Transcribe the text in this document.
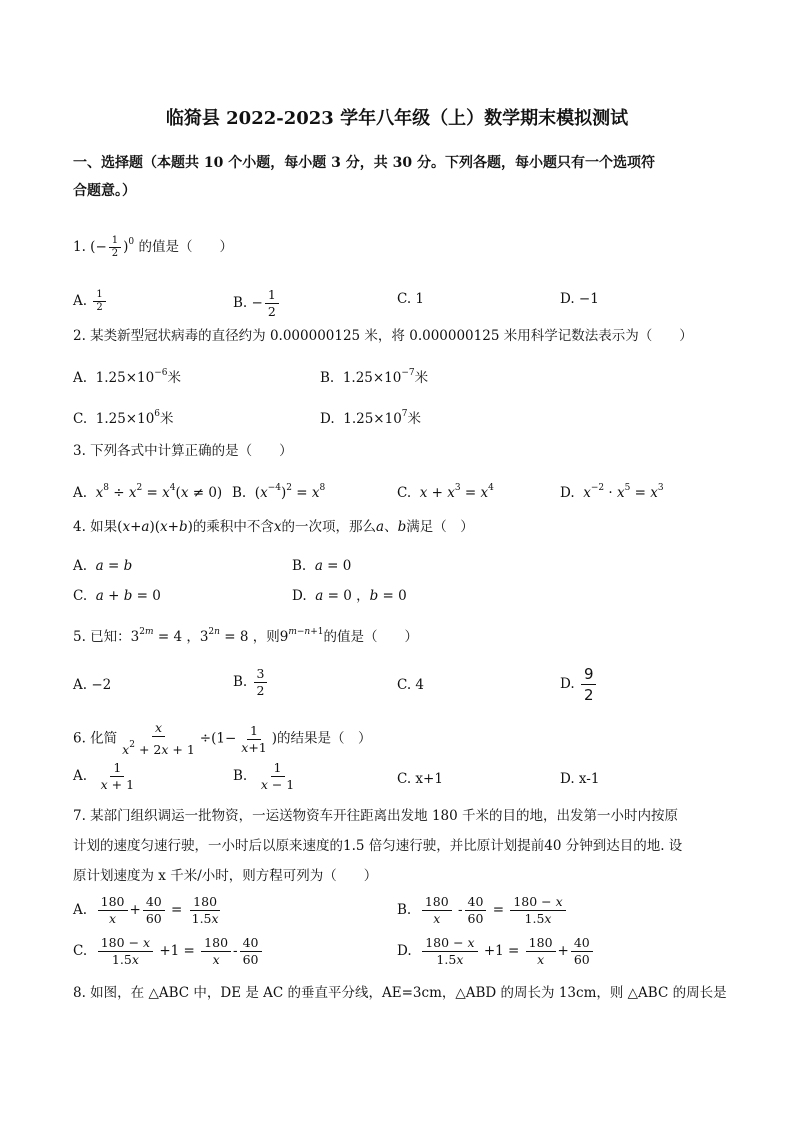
临猗县 2022-2023 学年八年级（上）数学期末模拟测试
一、选择题（本题共 10 个小题，每小题 3 分，共 30 分。下列各题，每小题只有一个选项符
合题意。）
1. (− $\frac{1}{2} )^0$ 的值是（　　）
A. $\frac{1}{2}$	B. − $\frac{1}{2}$	C. 1	D. −1
2. 某类新型冠状病毒的直径约为 0.000000125 米，将 0.000000125 米用科学记数法表示为（　　）
A. $1.25\times 10^{-6}$米	B. $1.25\times 10^{-7}$米
C. $1.25\times 10^6$米	D. $1.25\times 10^7$米
3. 下列各式中计算正确的是（　　）
A. $x^8 \div x^2 = x^4(x \ne 0)$ B.  $(x^{-4})^2 = x^8$	C. $x + x^3 = x^4$	D. $x^{-2} \cdot x^5 = x^3$
4. 如果(x+a)(x+b)的乘积中不含x的一次项，那么a、b满足（　）
A. a = b	B. a = 0
C. a + b = 0	D. a = 0 ，b = 0
5. 已知：$3^{2m} = 4$ ，$3^{2n} = 8$ ，则$9^{m-n+1}$的值是（　　）
A. −2	B. $\frac{3}{2}$	C. 4	D. $\frac{9}{2}$
6. 化简 $\frac{x}{x^2 + 2x + 1} \div(1- \frac{1}{x+1}$ )的结果是（　）
A. $\frac{1}{x + 1}$	B. $\frac{1}{x - 1}$	C. x+1	D. x-1
7. 某部门组织调运一批物资，一运送物资车开往距离出发地 180 千米的目的地，出发第一小时内按原
计划的速度匀速行驶，一小时后以原来速度的1.5 倍匀速行驶，并比原计划提前40 分钟到达目的地. 设
原计划速度为 x 千米/小时，则方程可列为（　　）
A. $\frac{180}{x} + \frac{40}{60} = \frac{180}{1.5x}$	B. $\frac{180}{x} - \frac{40}{60} = \frac{180 - x}{1.5x}$
C. $\frac{180 - x}{1.5x} +1 = \frac{180}{x} - \frac{40}{60}$	D. $\frac{180 - x}{1.5x} +1 = \frac{180}{x} + \frac{40}{60}$
8. 如图，在 △ABC 中，DE 是 AC 的垂直平分线，AE=3cm，△ABD 的周长为 13cm，则 △ABC 的周长是
